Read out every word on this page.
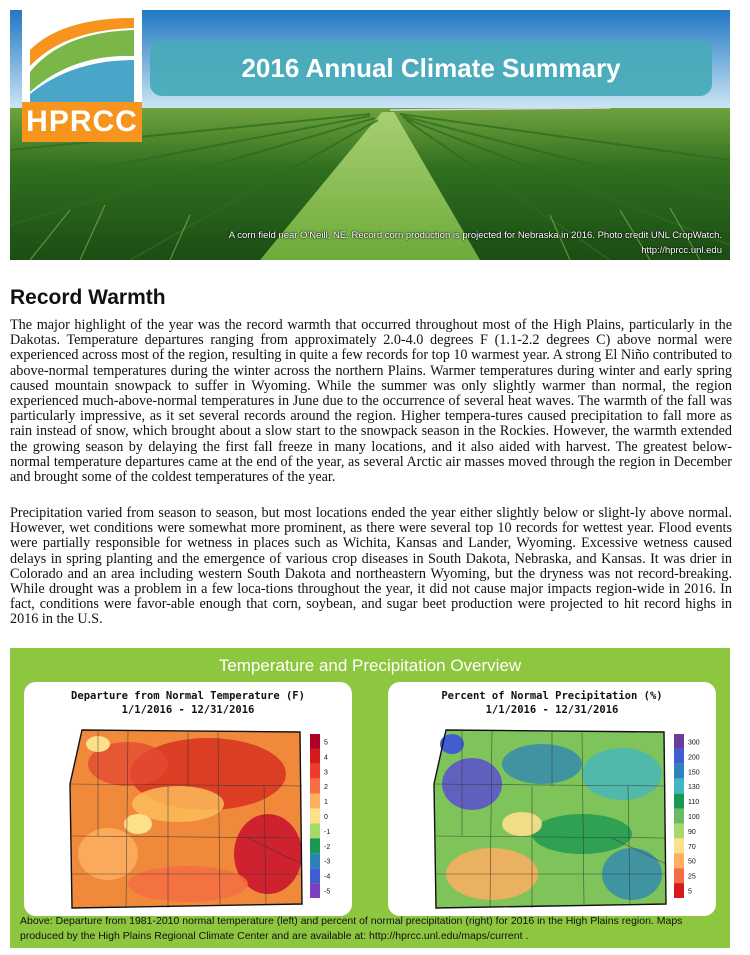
HPRCC
2016 Annual Climate Summary
A corn field near O'Neill, NE. Record corn production is projected for Nebraska in 2016. Photo credit UNL CropWatch.
http://hprcc.unl.edu
Record Warmth

The major highlight of the year was the record warmth that occurred throughout most of the High Plains, particularly in the Dakotas. Temperature departures ranging from approximately 2.0-4.0 degrees F (1.1-2.2 degrees C) above normal were experienced across most of the region, resulting in quite a few records for top 10 warmest year. A strong El Niño contributed to above-normal temperatures during the winter across the northern Plains. Warmer temperatures during winter and early spring caused mountain snowpack to suffer in Wyoming. While the summer was only slightly warmer than normal, the region experienced much-above-normal temperatures in June due to the occurrence of several heat waves. The warmth of the fall was particularly impressive, as it set several records around the region. Higher tempera-tures caused precipitation to fall more as rain instead of snow, which brought about a slow start to the snowpack season in the Rockies. However, the warmth extended the growing season by delaying the first fall freeze in many locations, and it also aided with harvest. The greatest below-normal temperature departures came at the end of the year, as several Arctic air masses moved through the region in December and brought some of the coldest temperatures of the year.

Precipitation varied from season to season, but most locations ended the year either slightly below or slight-ly above normal. However, wet conditions were somewhat more prominent, as there were several top 10 records for wettest year. Flood events were partially responsible for wetness in places such as Wichita, Kansas and Lander, Wyoming. Excessive wetness caused delays in spring planting and the emergence of various crop diseases in South Dakota, Nebraska, and Kansas. It was drier in Colorado and an area including western South Dakota and northeastern Wyoming, but the dryness was not record-breaking. While drought was a problem in a few loca-tions throughout the year, it did not cause major impacts region-wide in 2016. In fact, conditions were favor-able enough that corn, soybean, and sugar beet production were projected to hit record highs in 2016 in the U.S.

Temperature and Precipitation Overview
Departure from Normal Temperature (F)
1/1/2016 - 12/31/2016
5
4
3
2
1
0
-1
-2
-3
-4
-5
Percent of Normal Precipitation (%)
1/1/2016 - 12/31/2016
300
200
150
130
110
100
90
70
50
25
5
Above: Departure from 1981-2010 normal temperature (left) and percent of normal precipitation (right) for 2016 in the High Plains region. Maps produced by the High Plains Regional Climate Center and are available at: http://hprcc.unl.edu/maps/current .
